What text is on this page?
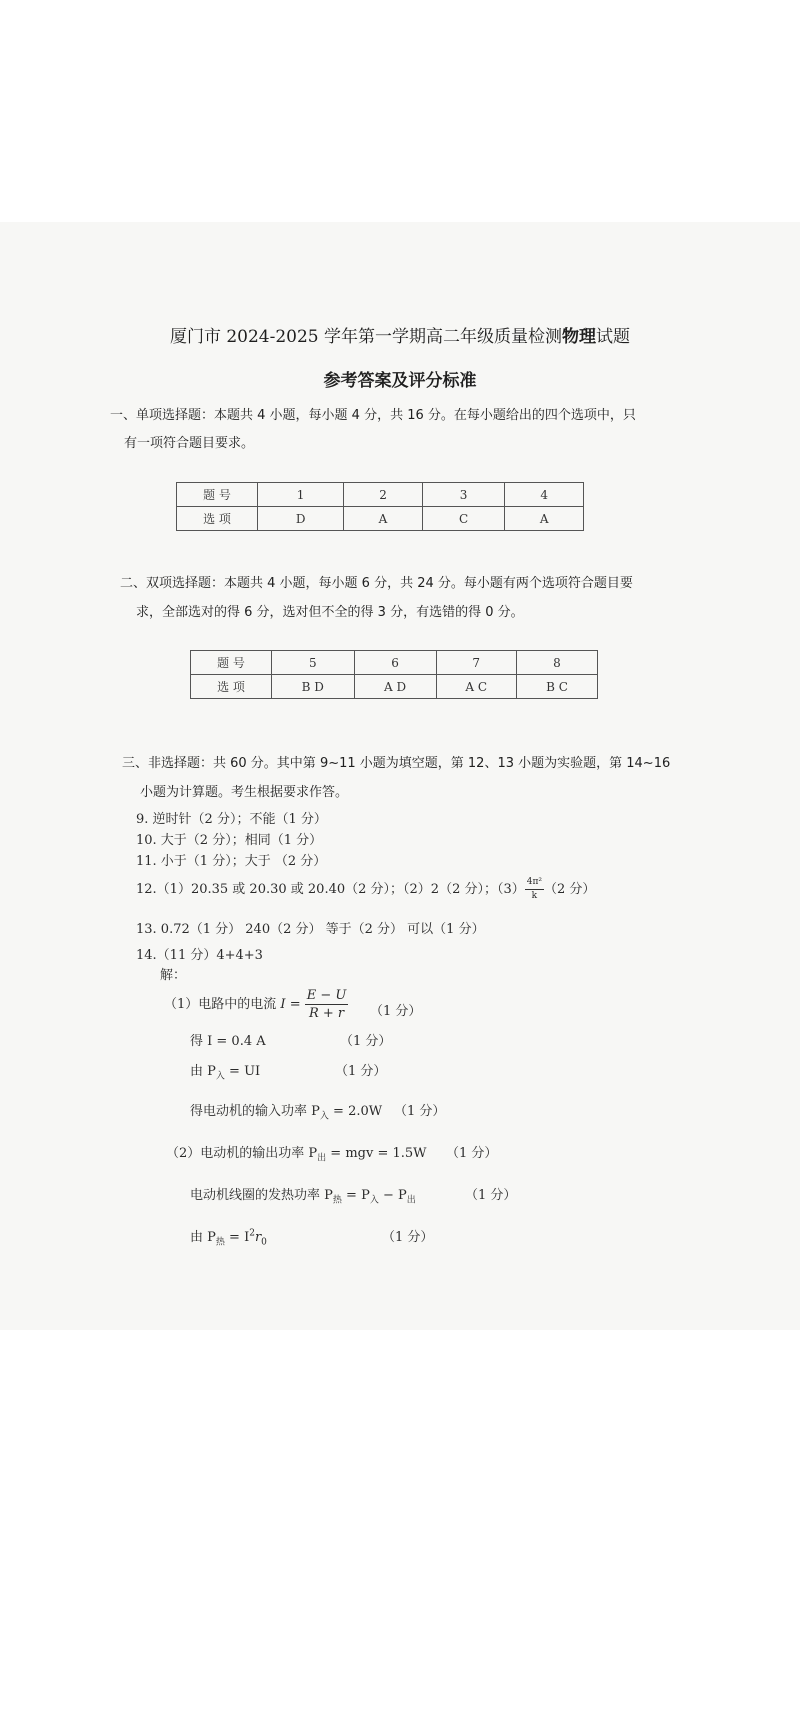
厦门市 2024-2025 学年第一学期高二年级质量检测物理试题
参考答案及评分标准
一、单项选择题：本题共 4 小题，每小题 4 分，共 16 分。在每小题给出的四个选项中，只
有一项符合题目要求。
题 号	1	2	3	4
选 项	D	A	C	A
二、双项选择题：本题共 4 小题，每小题 6 分，共 24 分。每小题有两个选项符合题目要
求，全部选对的得 6 分，选对但不全的得 3 分，有选错的得 0 分。
题 号	5	6	7	8
选 项	B D	A D	A C	B C
三、非选择题：共 60 分。其中第 9~11 小题为填空题，第 12、13 小题为实验题，第 14~16
小题为计算题。考生根据要求作答。
9. 逆时针（2 分）；不能（1 分）
10. 大于（2 分）；相同（1 分）
11. 小于（1 分）；大于 （2 分）
12.（1）20.35 或 20.30 或 20.40（2 分）；（2）2（2 分）；$(3) \frac{\text{4π²}}{k} (2$ 分）
13. 0.72（1 分） 240（2 分） 等于（2 分） 可以（1 分）
14.（11 分）4+4+3
解：
（1）电路中的电流 $I = \frac{E - U}{R + r} (1$ 分）
得 I = 0.4 A	（1 分）
由 $P_入$ = UI	（1 分）
得电动机的输入功率 $P_入 = 2.0W$ （1 分）
（2）电动机的输出功率 $P_出$ = mgv = 1.5W （1 分）
电动机线圈的发热功率 $P_热 = P_入 - P_出$	（1 分）
由 $P_热 = I^2r_0$	（1 分）
